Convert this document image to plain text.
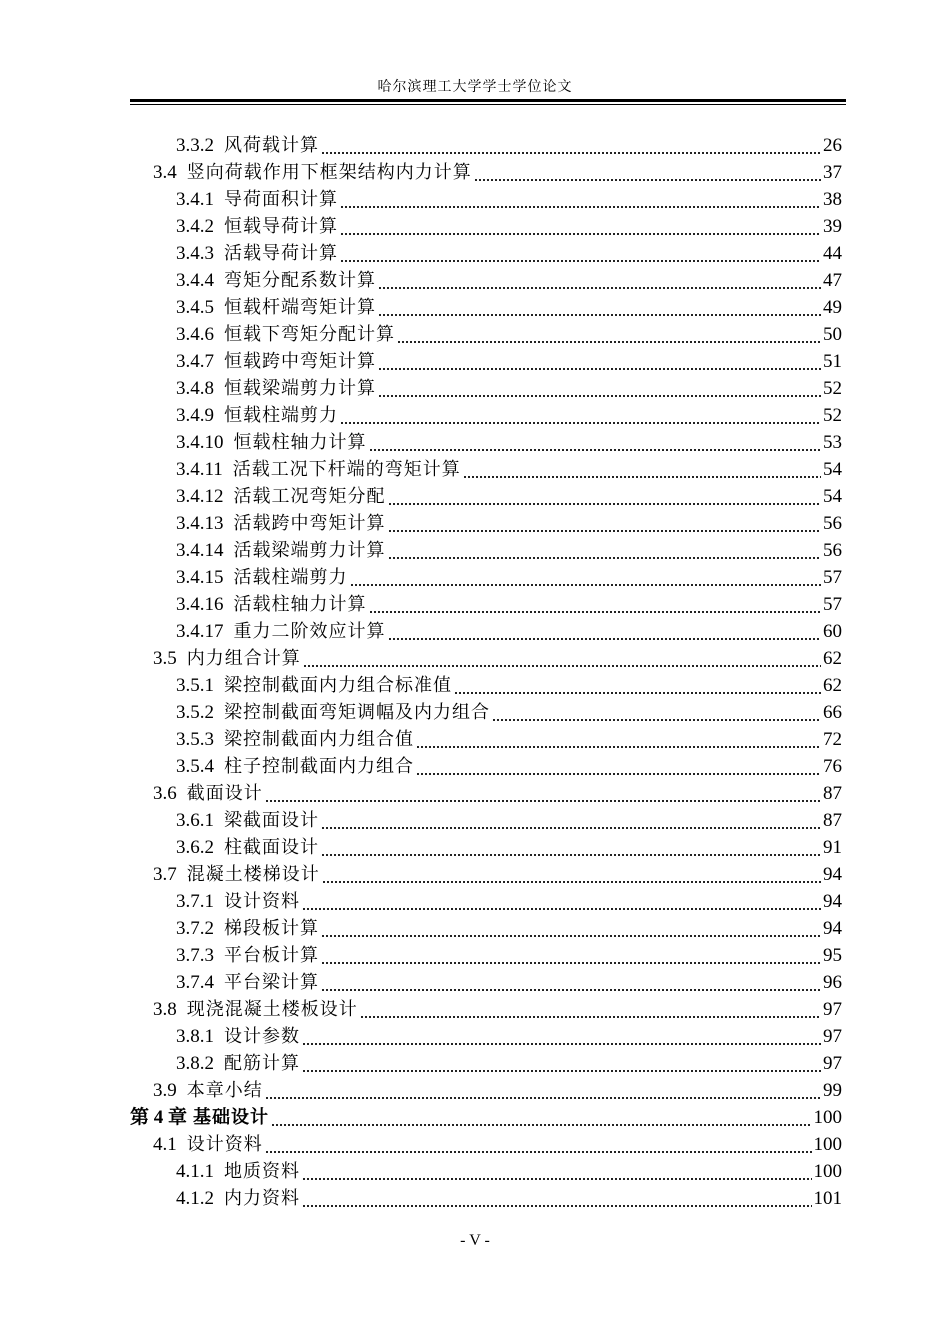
哈尔滨理工大学学士学位论文
3.3.2 风荷载计算	26
3.4 竖向荷载作用下框架结构内力计算	37
3.4.1 导荷面积计算	38
3.4.2 恒载导荷计算	39
3.4.3 活载导荷计算	44
3.4.4 弯矩分配系数计算	47
3.4.5 恒载杆端弯矩计算	49
3.4.6 恒载下弯矩分配计算	50
3.4.7 恒载跨中弯矩计算	51
3.4.8 恒载梁端剪力计算	52
3.4.9 恒载柱端剪力	52
3.4.10 恒载柱轴力计算	53
3.4.11 活载工况下杆端的弯矩计算	54
3.4.12 活载工况弯矩分配	54
3.4.13 活载跨中弯矩计算	56
3.4.14 活载梁端剪力计算	56
3.4.15 活载柱端剪力	57
3.4.16 活载柱轴力计算	57
3.4.17 重力二阶效应计算	60
3.5 内力组合计算	62
3.5.1 梁控制截面内力组合标准值	62
3.5.2 梁控制截面弯矩调幅及内力组合	66
3.5.3 梁控制截面内力组合值	72
3.5.4 柱子控制截面内力组合	76
3.6 截面设计	87
3.6.1 梁截面设计	87
3.6.2 柱截面设计	91
3.7 混凝土楼梯设计	94
3.7.1 设计资料	94
3.7.2 梯段板计算	94
3.7.3 平台板计算	95
3.7.4 平台梁计算	96
3.8 现浇混凝土楼板设计	97
3.8.1 设计参数	97
3.8.2 配筋计算	97
3.9 本章小结	99
第 4 章 基础设计	100
4.1 设计资料	100
4.1.1 地质资料	100
4.1.2 内力资料	101
- V -
